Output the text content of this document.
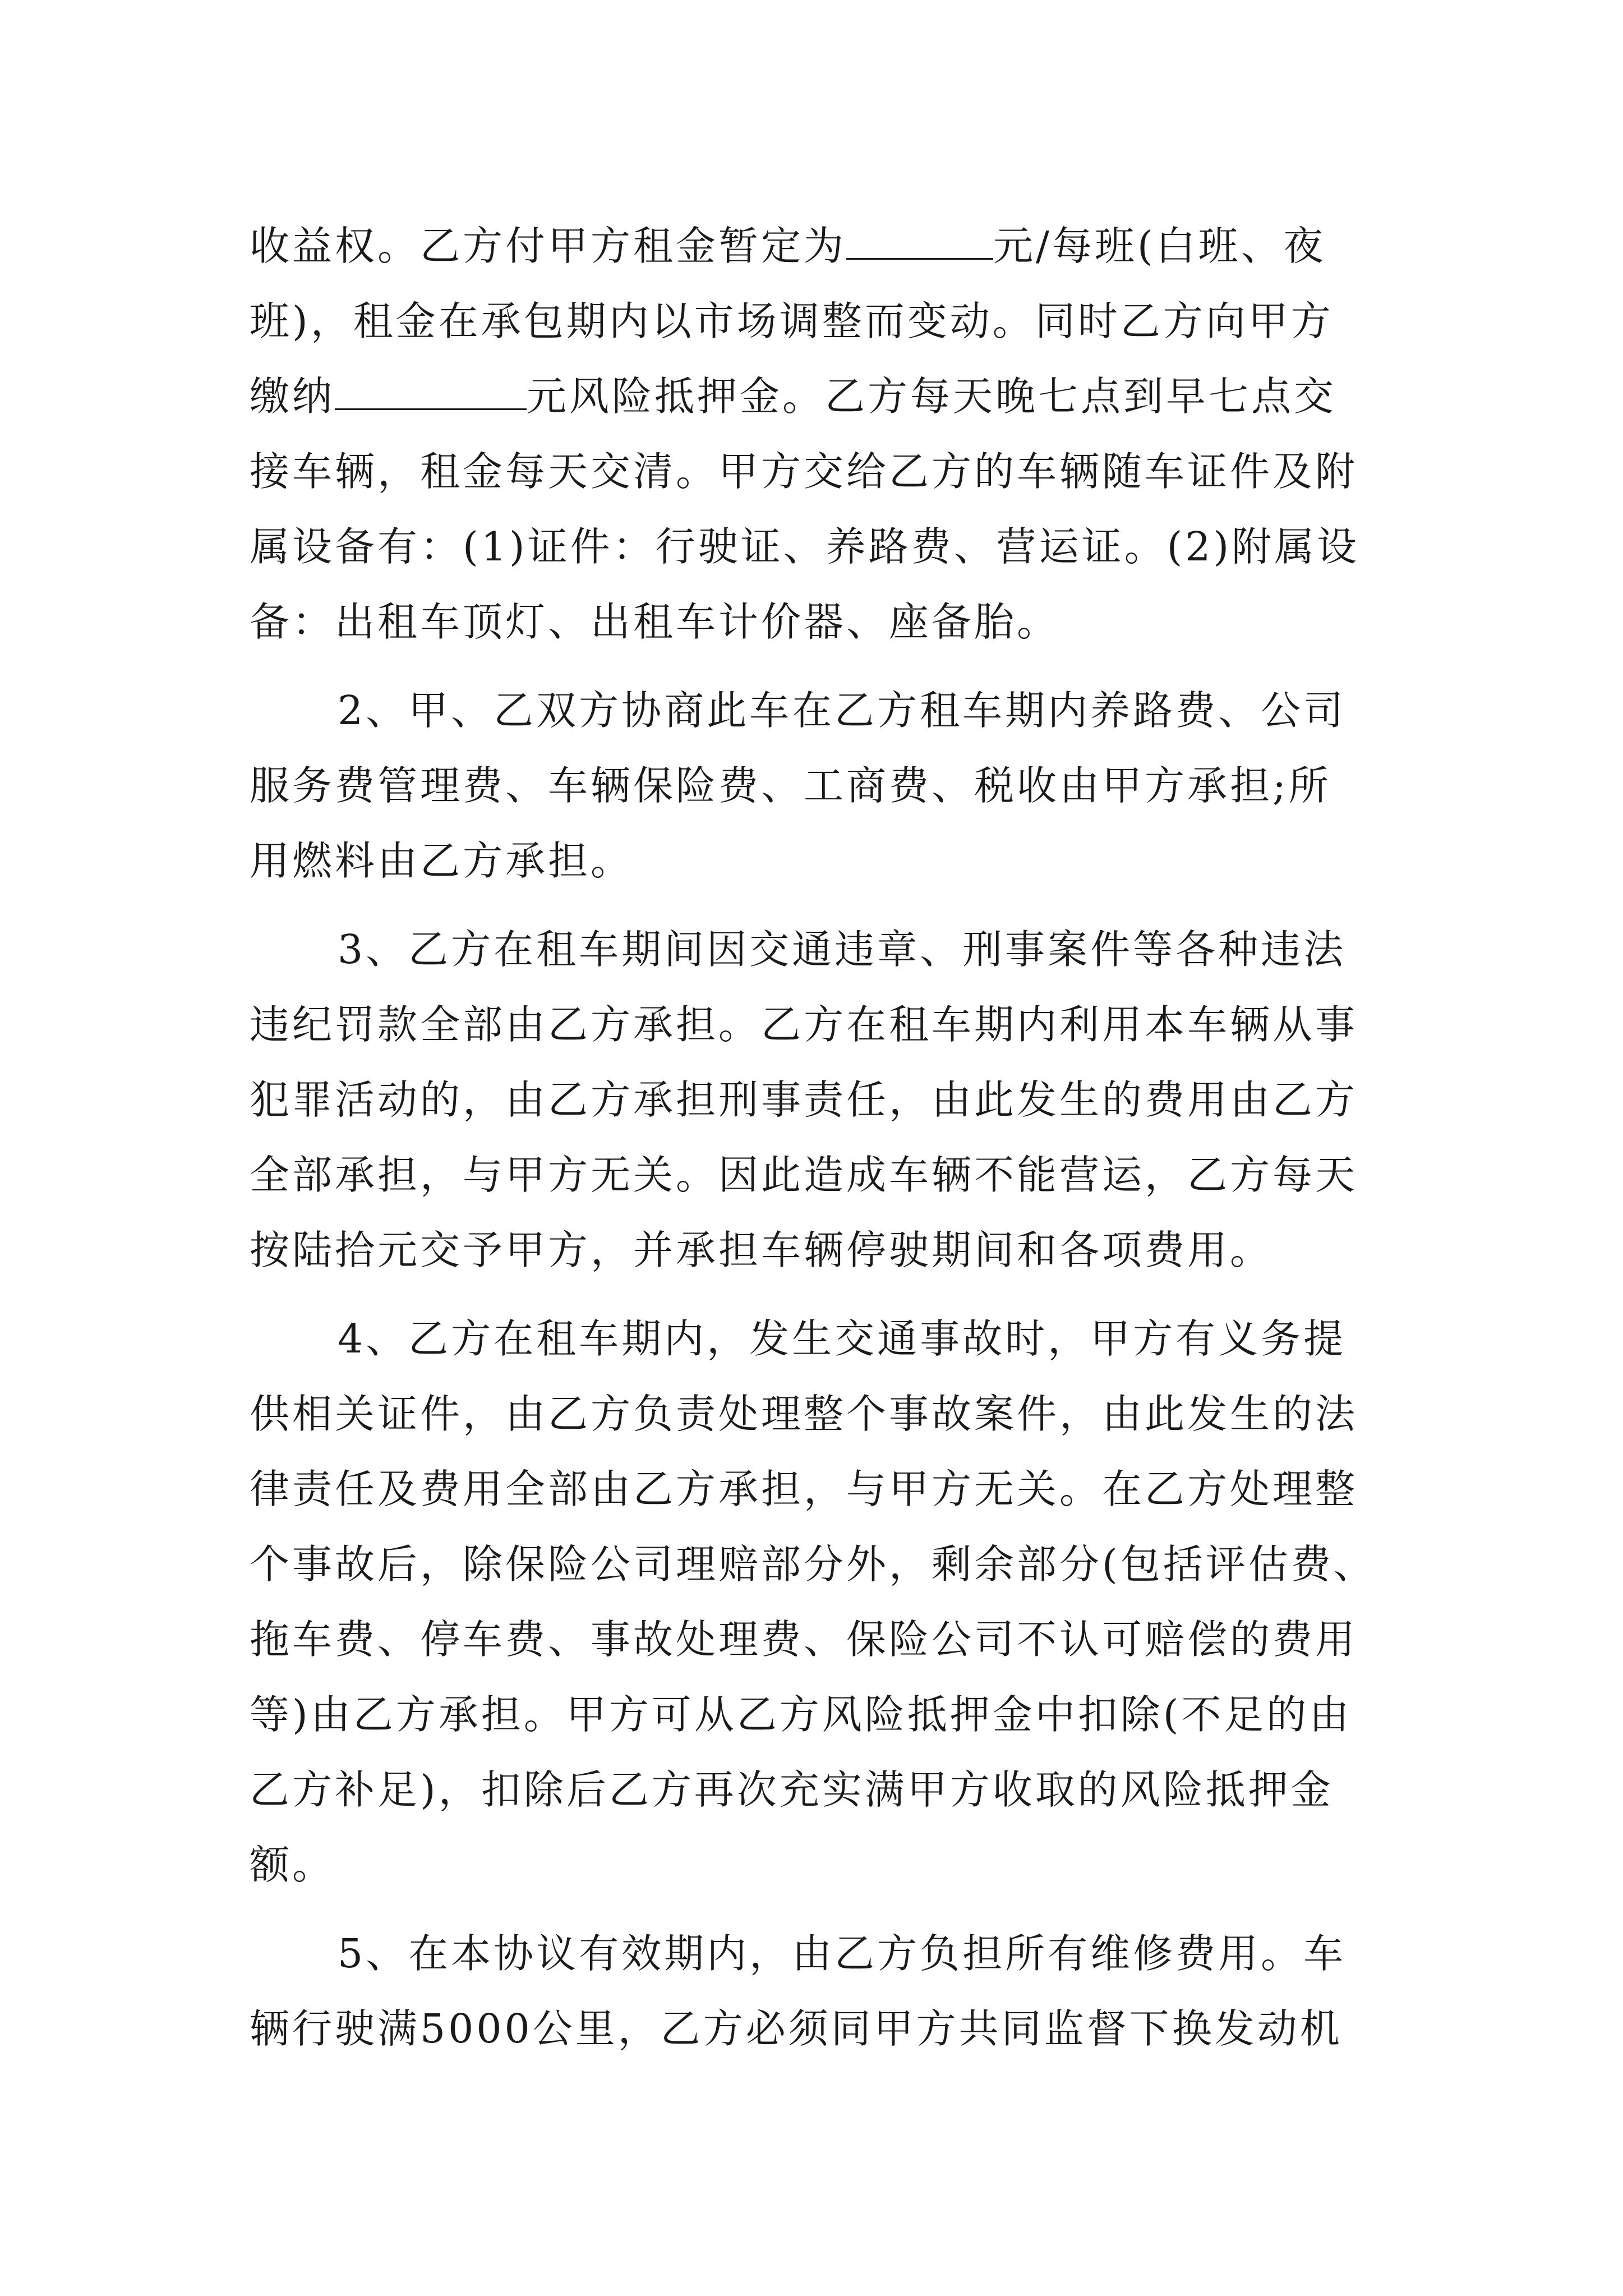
收益权。乙方付甲方租金暂定为	元/每班(白班、夜
班)，租金在承包期内以市场调整而变动。同时乙方向甲方
缴纳	元风险抵押金。乙方每天晚七点到早七点交
接车辆，租金每天交清。甲方交给乙方的车辆随车证件及附
属设备有：(1)证件：行驶证、养路费、营运证。(2)附属设
备：出租车顶灯、出租车计价器、座备胎。

2、甲、乙双方协商此车在乙方租车期内养路费、公司
服务费管理费、车辆保险费、工商费、税收由甲方承担;所
用燃料由乙方承担。

3、乙方在租车期间因交通违章、刑事案件等各种违法
违纪罚款全部由乙方承担。乙方在租车期内利用本车辆从事
犯罪活动的，由乙方承担刑事责任，由此发生的费用由乙方
全部承担，与甲方无关。因此造成车辆不能营运，乙方每天
按陆拾元交予甲方，并承担车辆停驶期间和各项费用。

4、乙方在租车期内，发生交通事故时，甲方有义务提
供相关证件，由乙方负责处理整个事故案件，由此发生的法
律责任及费用全部由乙方承担，与甲方无关。在乙方处理整
个事故后，除保险公司理赔部分外，剩余部分(包括评估费、
拖车费、停车费、事故处理费、保险公司不认可赔偿的费用
等)由乙方承担。甲方可从乙方风险抵押金中扣除(不足的由
乙方补足)，扣除后乙方再次充实满甲方收取的风险抵押金
额。

5、在本协议有效期内，由乙方负担所有维修费用。车
辆行驶满5000公里，乙方必须同甲方共同监督下换发动机
